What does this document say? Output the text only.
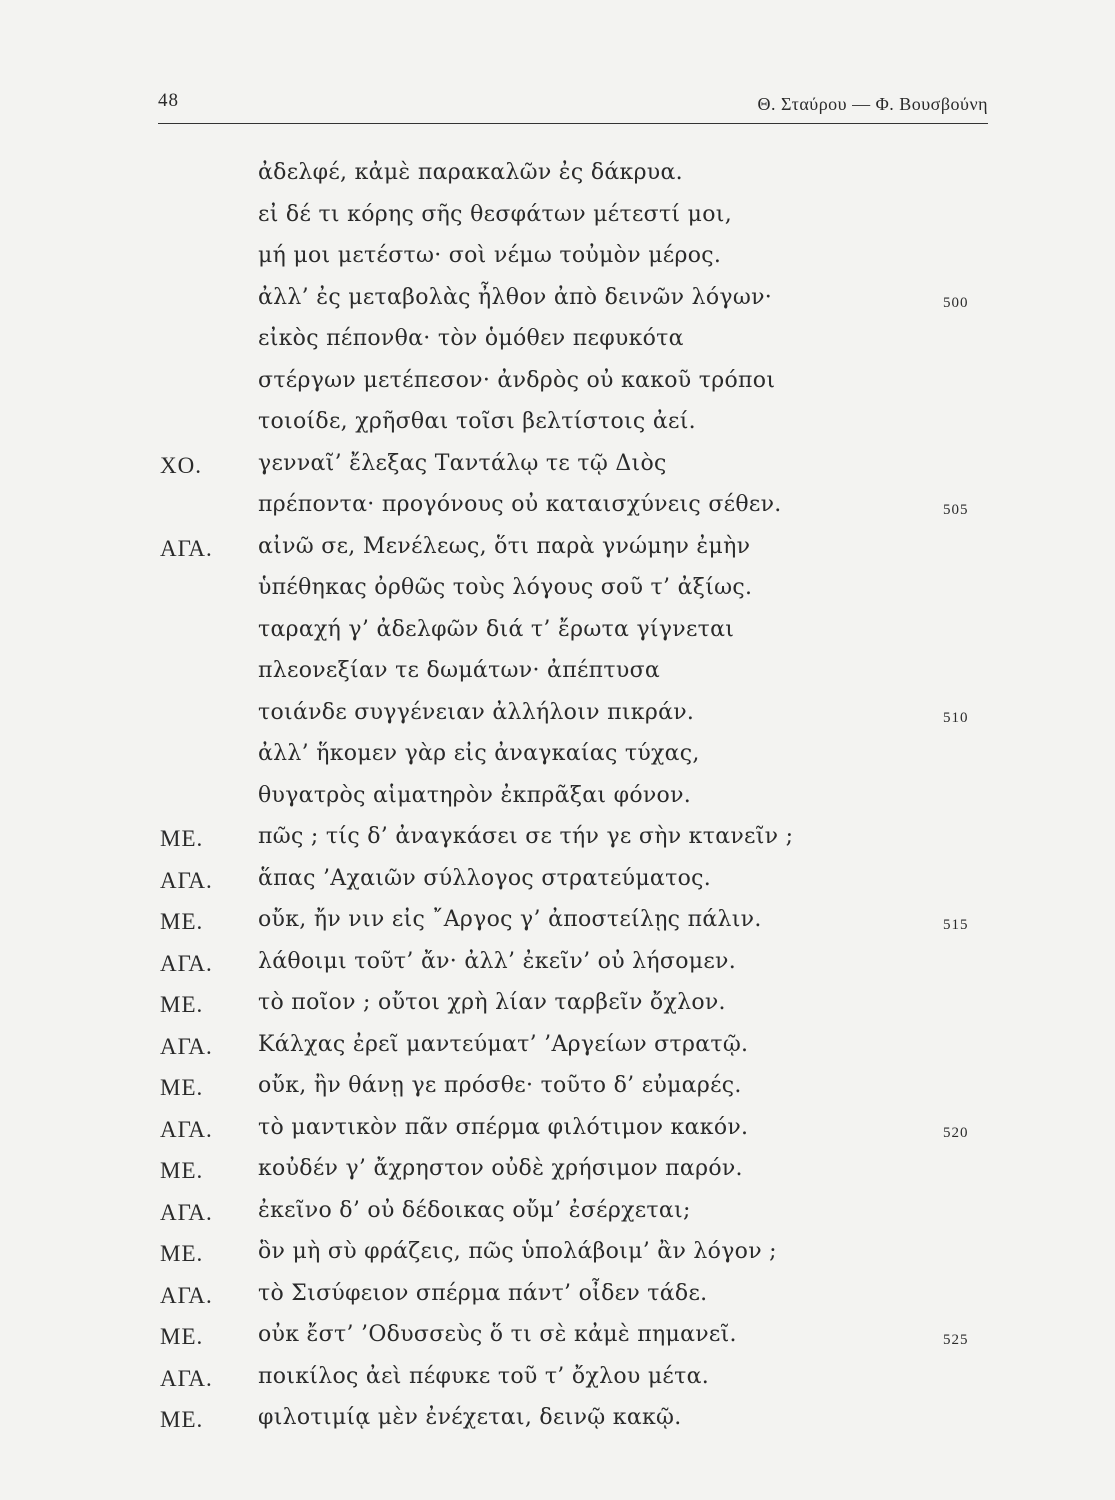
48	Θ. Σταύρου — Φ. Βουσβούνη
ἀδελφέ, κἀμὲ παρακαλῶν ἐς δάκρυα.
εἰ δέ τι κόρης σῆς θεσφάτων μέτεστί μοι,
μή μοι μετέστω· σοὶ νέμω τοὐμὸν μέρος.
ἀλλ’ ἐς μεταβολὰς ἦλθον ἀπὸ δεινῶν λόγων·	500
εἰκὸς πέπονθα· τὸν ὁμόθεν πεφυκότα
στέργων μετέπεσον· ἀνδρὸς οὐ κακοῦ τρόποι
τοιοίδε, χρῆσθαι τοῖσι βελτίστοις ἀεί.
ΧΟ.	γενναῖ’ ἔλεξας Ταντάλῳ τε τῷ Διὸς
πρέποντα· προγόνους οὐ καταισχύνεις σέθεν.	505
ΑΓΑ. αἰνῶ σε, Μενέλεως, ὅτι παρὰ γνώμην ἐμὴν
ὑπέθηκας ὀρθῶς τοὺς λόγους σοῦ τ’ ἀξίως.
ταραχή γ’ ἀδελφῶν διά τ’ ἔρωτα γίγνεται
πλεονεξίαν τε δωμάτων· ἀπέπτυσα
τοιάνδε συγγένειαν ἀλλήλοιν πικράν.	510
ἀλλ’ ἥκομεν γὰρ εἰς ἀναγκαίας τύχας,
θυγατρὸς αἱματηρὸν ἐκπρᾶξαι φόνον.
ΜΕ. πῶς ; τίς δ’ ἀναγκάσει σε τήν γε σὴν κτανεῖν ;
ΑΓΑ. ἅπας ’Αχαιῶν σύλλογος στρατεύματος.
ΜΕ. οὔκ, ἤν νιν εἰς ῎Αργος γ’ ἀποστείλῃς πάλιν.	515
ΑΓΑ. λάθοιμι τοῦτ’ ἄν· ἀλλ’ ἐκεῖν’ οὐ λήσομεν.
ΜΕ. τὸ ποῖον ; οὔτοι χρὴ λίαν ταρβεῖν ὄχλον.
ΑΓΑ. Κάλχας ἐρεῖ μαντεύματ’ ’Αργείων στρατῷ.
ΜΕ. οὔκ, ἢν θάνῃ γε πρόσθε· τοῦτο δ’ εὐμαρές.
ΑΓΑ. τὸ μαντικὸν πᾶν σπέρμα φιλότιμον κακόν.	520
ΜΕ. κοὐδέν γ’ ἄχρηστον οὐδὲ χρήσιμον παρόν.
ΑΓΑ. ἐκεῖνο δ’ οὐ δέδοικας οὔμ’ ἐσέρχεται;
ΜΕ. ὃν μὴ σὺ φράζεις, πῶς ὑπολάβοιμ’ ἂν λόγον ;
ΑΓΑ. τὸ Σισύφειον σπέρμα πάντ’ οἶδεν τάδε.
ΜΕ. οὐκ ἔστ’ ’Οδυσσεὺς ὅ τι σὲ κἀμὲ πημανεῖ.	525
ΑΓΑ. ποικίλος ἀεὶ πέφυκε τοῦ τ’ ὄχλου μέτα.
ΜΕ. φιλοτιμίᾳ μὲν ἐνέχεται, δεινῷ κακῷ.
